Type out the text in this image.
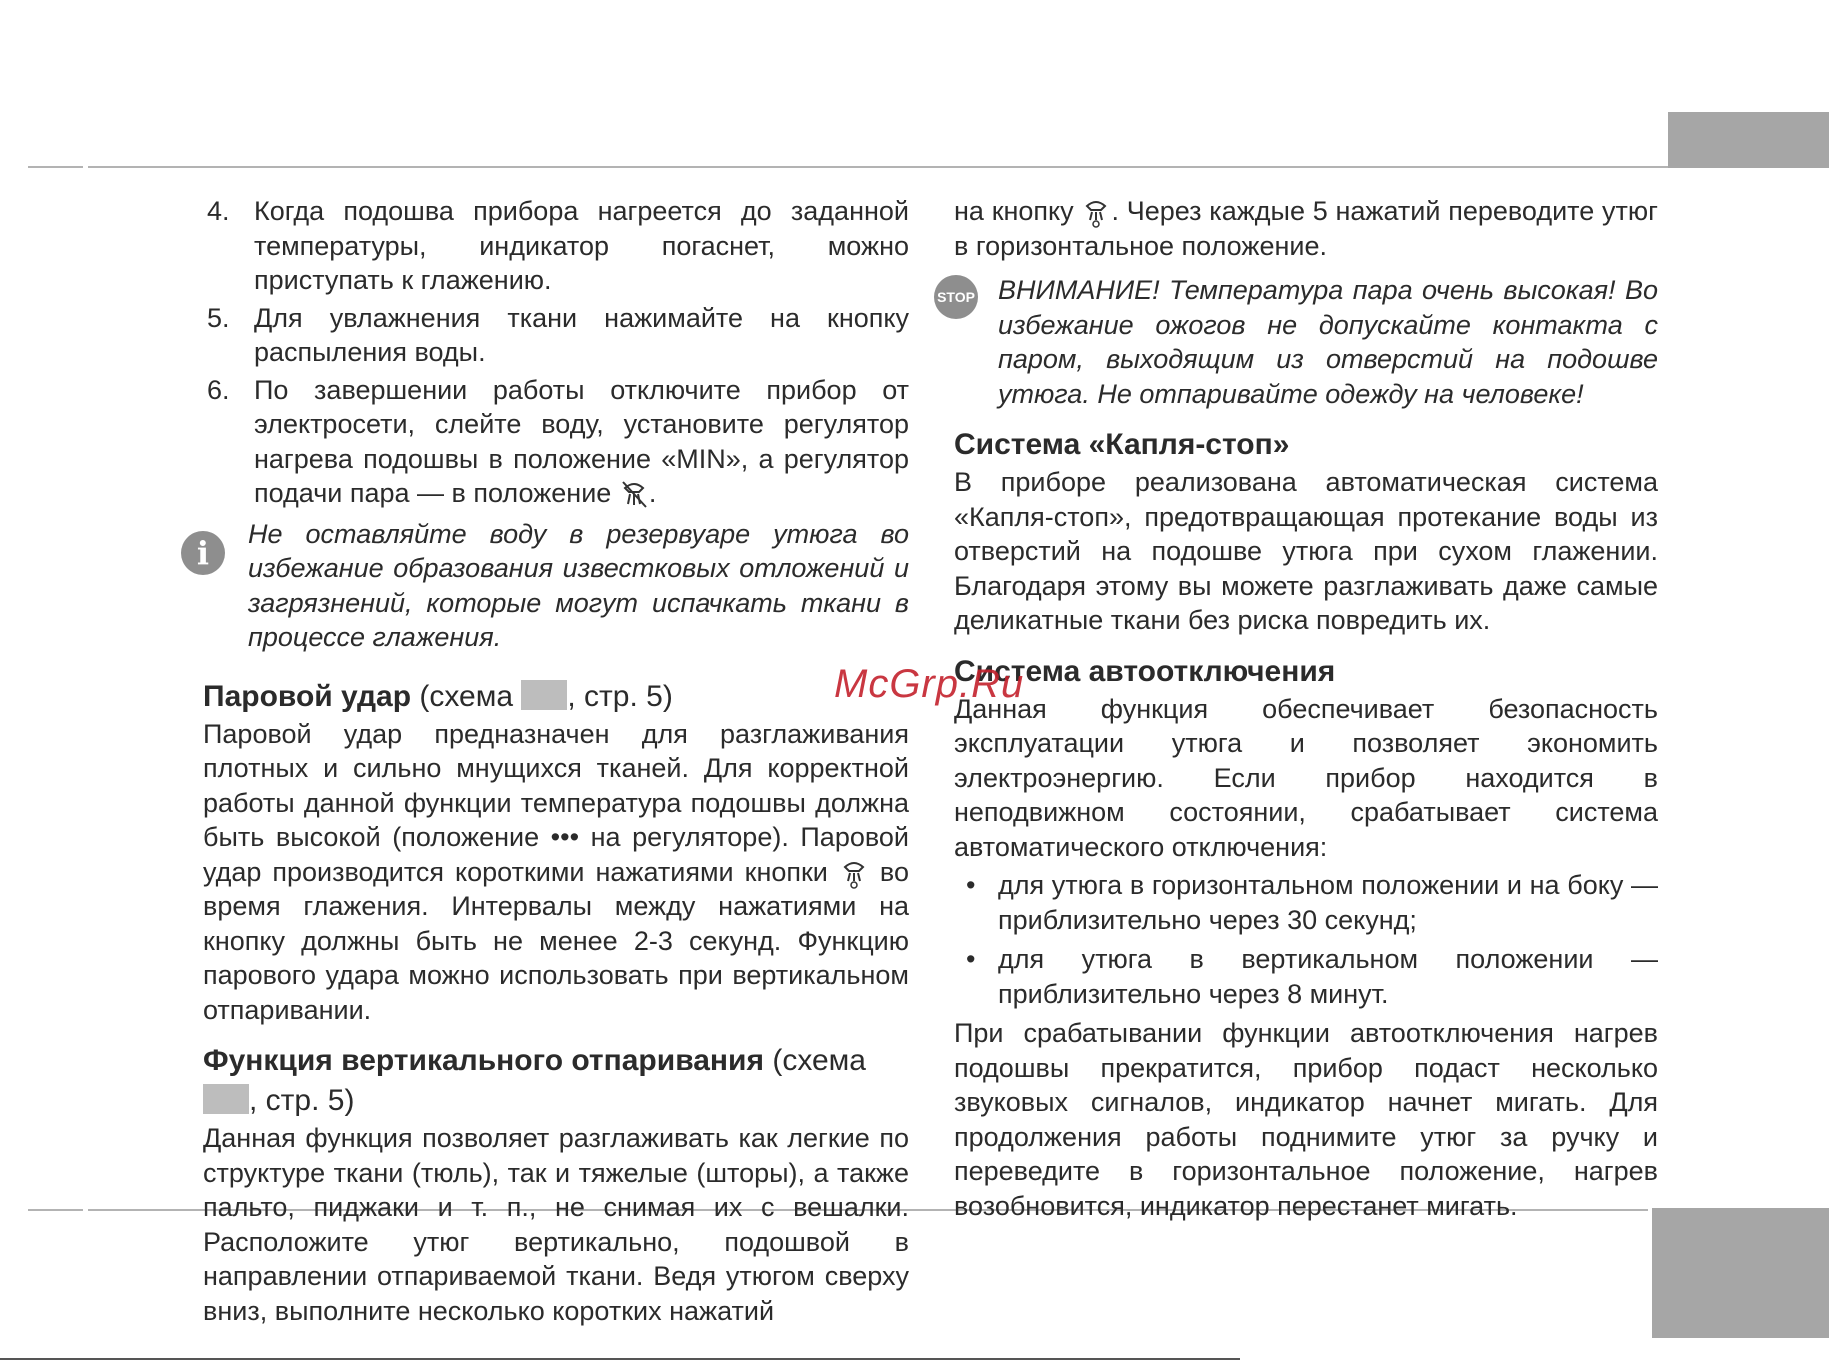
4. Когда подошва прибора нагреется до заданной температуры, индикатор погаснет, можно приступать к глажению.
5. Для увлажнения ткани нажимайте на кнопку распыления воды.
6. По завершении работы отключите прибор от электросети, слейте воду, установите регулятор нагрева подошвы в положение «MIN», а регулятор подачи пара — в положение .
i	Не оставляйте воду в резервуаре утюга во избежание образования известковых отложений и загрязнений, которые могут испачкать ткани в процессе глажения.

Паровой удар (схема , стр. 5)

Паровой удар предназначен для разглаживания плотных и сильно мнущихся тканей. Для корректной работы данной функции температура подошвы должна быть высокой (положение ••• на регуляторе). Паровой удар производится короткими нажатиями кнопки  во время глажения. Интервалы между нажатиями на кнопку должны быть не менее 2-3 секунд. Функцию парового удара можно использовать при вертикальном отпаривании.

Функция вертикального отпаривания (схема , стр. 5)

Данная функция позволяет разглаживать как легкие по структуре ткани (тюль), так и тяжелые (шторы), а также пальто, пиджаки и т. п., не снимая их с вешалки. Расположите утюг вертикально, подошвой в направлении отпариваемой ткани. Ведя утюгом сверху вниз, выполните несколько коротких нажатий

на кнопку . Через каждые 5 нажатий переводите утюг в горизонтальное положение.

STOP ВНИМАНИЕ! Температура пара очень высокая! Во избежание ожогов не допускайте контакта с паром, выходящим из отверстий на подошве утюга. Не отпаривайте одежду на человеке!

Система «Капля-стоп»

В приборе реализована автоматическая система «Капля-стоп», предотвращающая протекание воды из отверстий на подошве утюга при сухом глажении. Благодаря этому вы можете разглаживать даже самые деликатные ткани без риска повредить их.

Система автоотключения

Данная функция обеспечивает безопасность эксплуатации утюга и позволяет экономить электроэнергию. Если прибор находится в неподвижном состоянии, срабатывает система автоматического отключения:

• для утюга в горизонтальном положении и на боку — приблизительно через 30 секунд;
• для утюга в вертикальном положении — приблизительно через 8 минут.

При срабатывании функции автоотключения нагрев подошвы прекратится, прибор подаст несколько звуковых сигналов, индикатор начнет мигать. Для продолжения работы поднимите утюг за ручку и переведите в горизонтальное положение, нагрев возобновится, индикатор перестанет мигать.

McGrp.Ru
